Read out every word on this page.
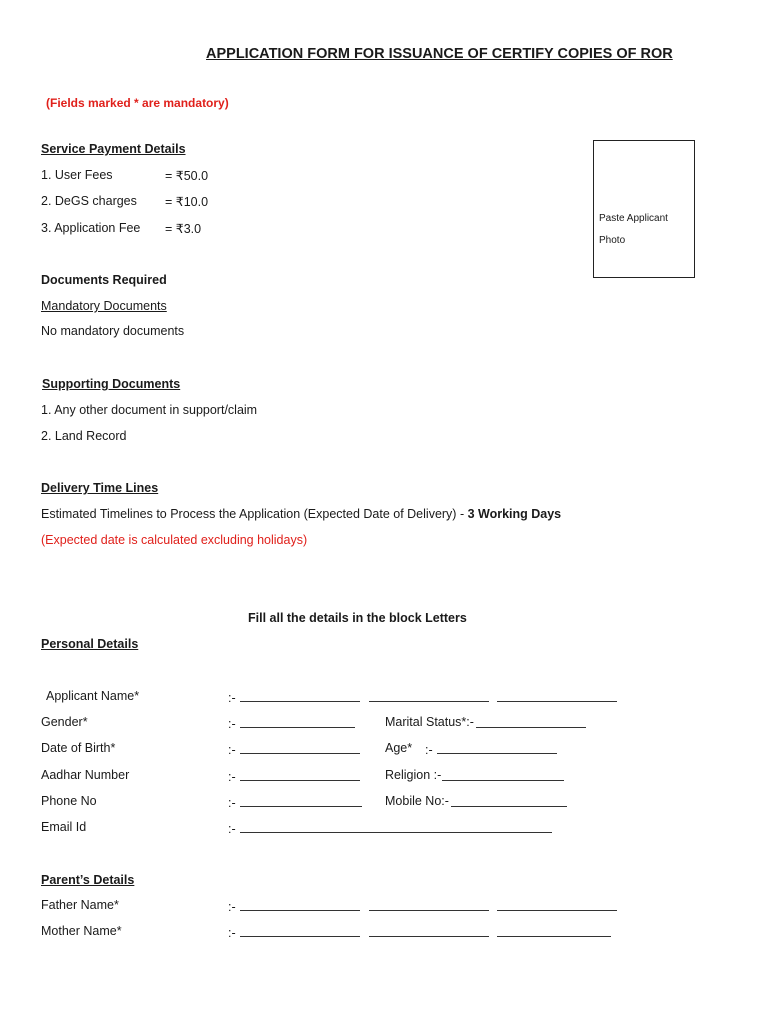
APPLICATION FORM FOR ISSUANCE OF CERTIFY COPIES OF ROR
(Fields marked * are mandatory)
Service Payment Details
1. User Fees	= ₹50.0
2. DeGS charges = ₹10.0
3. Application Fee = ₹3.0
Paste Applicant Photo
Documents Required
Mandatory Documents
No mandatory documents
Supporting Documents
1. Any other document in support/claim
2. Land Record
Delivery Time Lines
Estimated Timelines to Process the Application (Expected Date of Delivery) - 3 Working Days
(Expected date is calculated excluding holidays)
Fill all the details in the block Letters
Personal Details
Applicant Name*	:-
Gender*	:-	Marital Status*:-
Date of Birth*	:-	Age* :-
Aadhar Number	:-	Religion :-
Phone No	:-	Mobile No:-
Email Id	:-
Parent’s Details
Father Name*	:-
Mother Name*	:-
